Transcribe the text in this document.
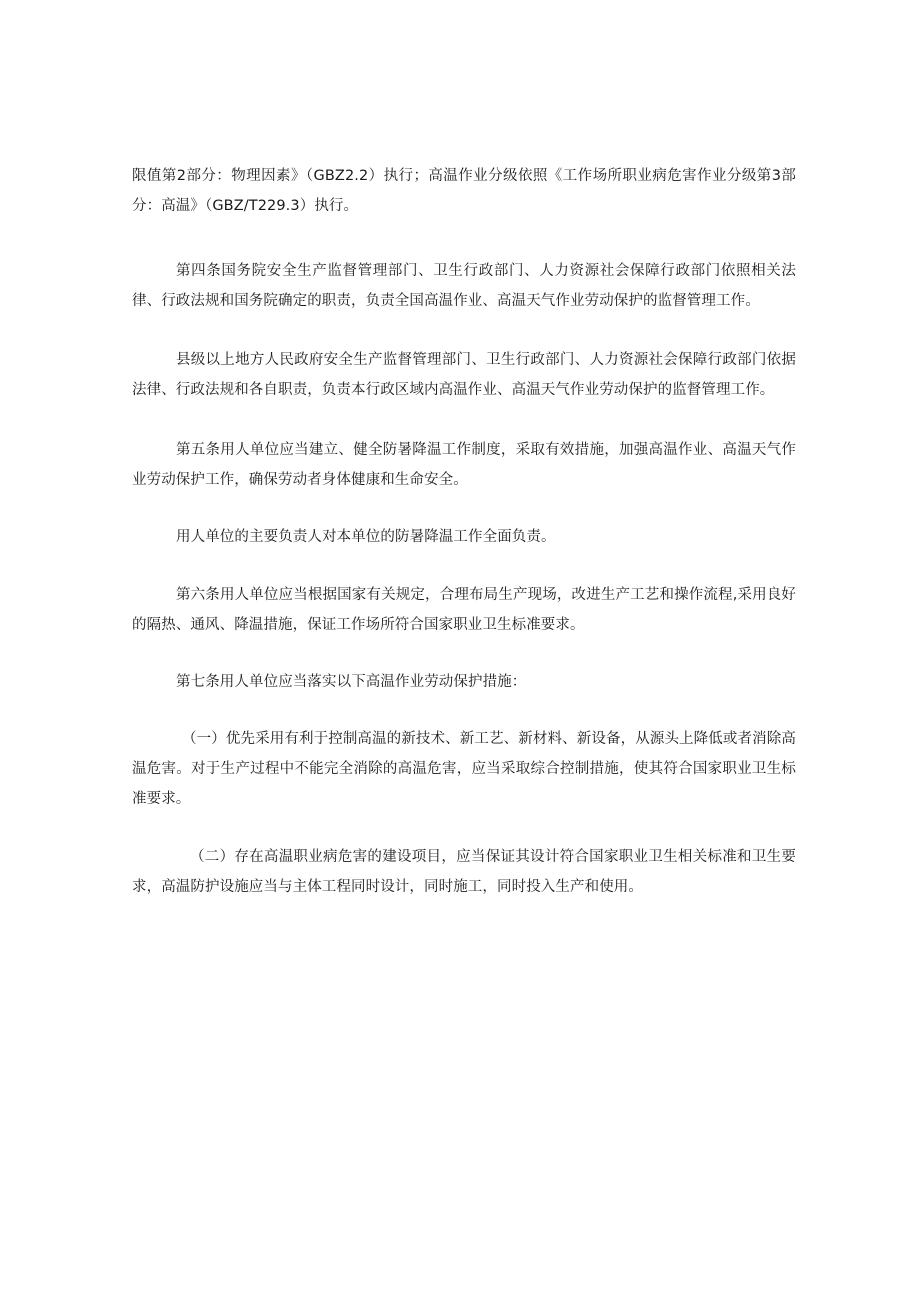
限值第2部分：物理因素》（GBZ2.2）执行；高温作业分级依照《工作场所职业病危害作业分级第3部分：高温》（GBZ/T229.3）执行。

第四条国务院安全生产监督管理部门、卫生行政部门、人力资源社会保障行政部门依照相关法律、行政法规和国务院确定的职责，负责全国高温作业、高温天气作业劳动保护的监督管理工作。

县级以上地方人民政府安全生产监督管理部门、卫生行政部门、人力资源社会保障行政部门依据法律、行政法规和各自职责，负责本行政区域内高温作业、高温天气作业劳动保护的监督管理工作。

第五条用人单位应当建立、健全防暑降温工作制度，采取有效措施，加强高温作业、高温天气作业劳动保护工作，确保劳动者身体健康和生命安全。

用人单位的主要负责人对本单位的防暑降温工作全面负责。

第六条用人单位应当根据国家有关规定，合理布局生产现场，改进生产工艺和操作流程,采用良好的隔热、通风、降温措施，保证工作场所符合国家职业卫生标准要求。

第七条用人单位应当落实以下高温作业劳动保护措施：

（一）优先采用有利于控制高温的新技术、新工艺、新材料、新设备，从源头上降低或者消除高温危害。对于生产过程中不能完全消除的高温危害，应当采取综合控制措施，使其符合国家职业卫生标准要求。

（二）存在高温职业病危害的建设项目，应当保证其设计符合国家职业卫生相关标准和卫生要求，高温防护设施应当与主体工程同时设计，同时施工，同时投入生产和使用。
